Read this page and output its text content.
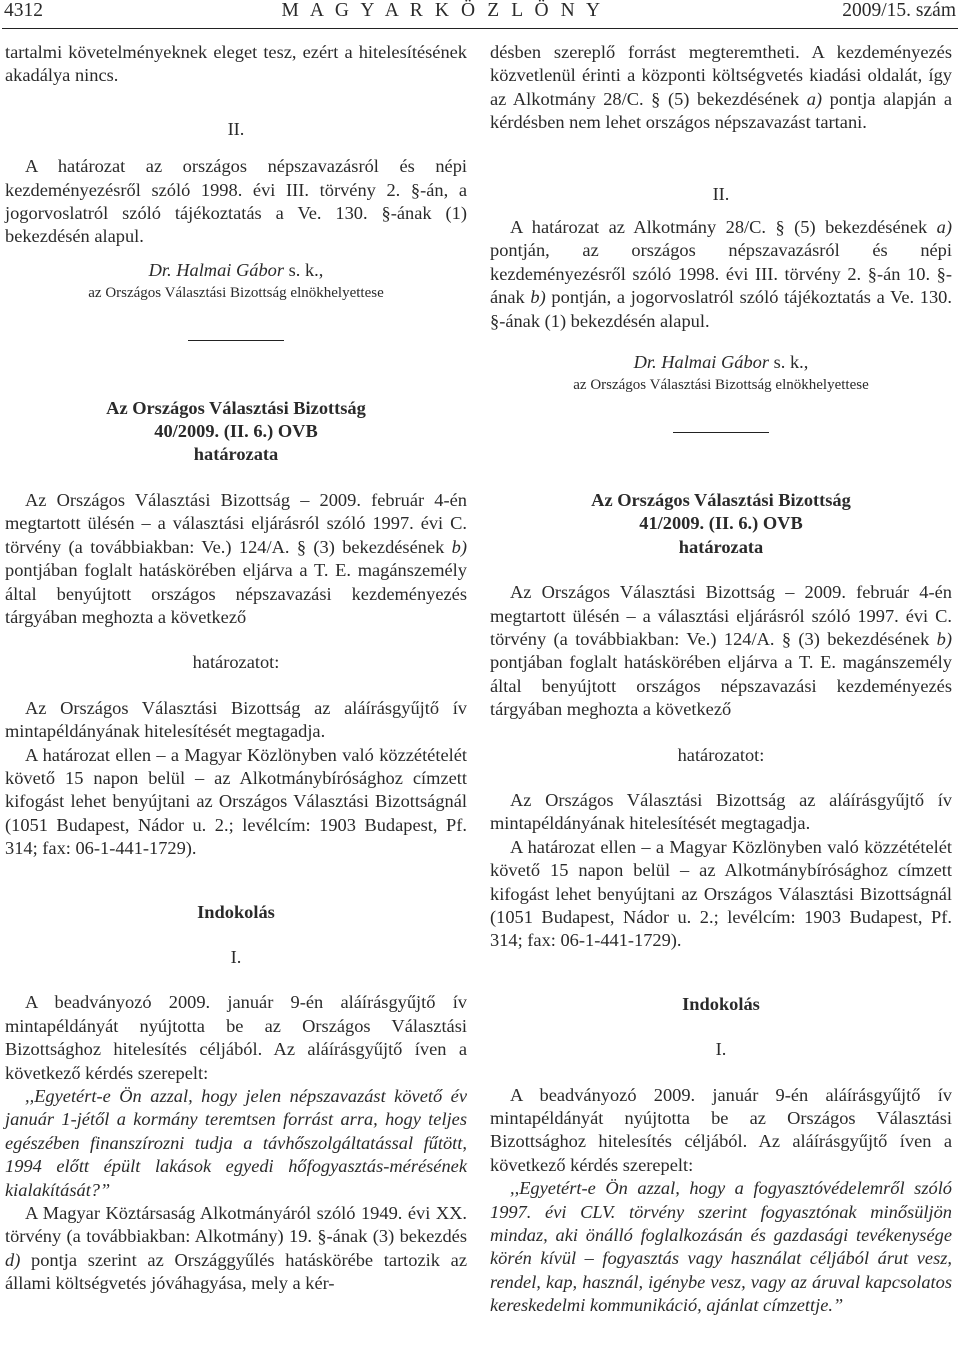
4312	M A G Y A R K Ö Z L Ö N Y	2009/15. szám

tartalmi követelményeknek eleget tesz, ezért a hitelesítésének akadálya nincs.

II.

A határozat az országos népszavazásról és népi kezdeményezésről szóló 1998. évi III. törvény 2. §-án, a jogorvoslatról szóló tájékoztatás a Ve. 130. §-ának (1) bekezdésén alapul.

Dr. Halmai Gábor s. k.,

az Országos Választási Bizottság elnökhelyettese

Az Országos Választási Bizottság

40/2009. (II. 6.) OVB

határozata

Az Országos Választási Bizottság – 2009. február 4-én megtartott ülésén – a választási eljárásról szóló 1997. évi C. törvény (a továbbiakban: Ve.) 124/A. § (3) bekezdésének b) pontjában foglalt hatáskörében eljárva a T. E. magánszemély által benyújtott országos népszavazási kezdeményezés tárgyában meghozta a következő

határozatot:

Az Országos Választási Bizottság az aláírásgyűjtő ív mintapéldányának hitelesítését megtagadja.

A határozat ellen – a Magyar Közlönyben való közzétételét követő 15 napon belül – az Alkotmánybírósághoz címzett kifogást lehet benyújtani az Országos Választási Bizottságnál (1051 Budapest, Nádor u. 2.; levélcím: 1903 Budapest, Pf. 314; fax: 06-1-441-1729).

Indokolás

I.

A beadványozó 2009. január 9-én aláírásgyűjtő ív mintapéldányát nyújtotta be az Országos Választási Bizottsághoz hitelesítés céljából. Az aláírásgyűjtő íven a következő kérdés szerepelt:

,,Egyetért-e Ön azzal, hogy jelen népszavazást követő év január 1-jétől a kormány teremtsen forrást arra, hogy teljes egészében finanszírozni tudja a távhőszolgáltatással fűtött, 1994 előtt épült lakások egyedi hőfogyasztás-mérésének kialakítását?”

A Magyar Köztársaság Alkotmányáról szóló 1949. évi XX. törvény (a továbbiakban: Alkotmány) 19. §-ának (3) bekezdés d) pontja szerint az Országgyűlés hatáskörébe tartozik az állami költségvetés jóváhagyása, mely a kér-

désben szereplő forrást megteremtheti. A kezdeményezés közvetlenül érinti a központi költségvetés kiadási oldalát, így az Alkotmány 28/C. § (5) bekezdésének a) pontja alapján a kérdésben nem lehet országos népszavazást tartani.

II.

A határozat az Alkotmány 28/C. § (5) bekezdésének a) pontján, az országos népszavazásról és népi kezdeményezésről szóló 1998. évi III. törvény 2. §-án 10. §-ának b) pontján, a jogorvoslatról szóló tájékoztatás a Ve. 130. §-ának (1) bekezdésén alapul.

Dr. Halmai Gábor s. k.,

az Országos Választási Bizottság elnökhelyettese

Az Országos Választási Bizottság

41/2009. (II. 6.) OVB

határozata

Az Országos Választási Bizottság – 2009. február 4-én megtartott ülésén – a választási eljárásról szóló 1997. évi C. törvény (a továbbiakban: Ve.) 124/A. § (3) bekezdésének b) pontjában foglalt hatáskörében eljárva a T. E. magánszemély által benyújtott országos népszavazási kezdeményezés tárgyában meghozta a következő

határozatot:

Az Országos Választási Bizottság az aláírásgyűjtő ív mintapéldányának hitelesítését megtagadja.

A határozat ellen – a Magyar Közlönyben való közzétételét követő 15 napon belül – az Alkotmánybírósághoz címzett kifogást lehet benyújtani az Országos Választási Bizottságnál (1051 Budapest, Nádor u. 2.; levélcím: 1903 Budapest, Pf. 314; fax: 06-1-441-1729).

Indokolás

I.

A beadványozó 2009. január 9-én aláírásgyűjtő ív mintapéldányát nyújtotta be az Országos Választási Bizottsághoz hitelesítés céljából. Az aláírásgyűjtő íven a következő kérdés szerepelt:

,,Egyetért-e Ön azzal, hogy a fogyasztóvédelemről szóló 1997. évi CLV. törvény szerint fogyasztónak minősüljön mindaz, aki önálló foglalkozásán és gazdasági tevékenysége körén kívül – fogyasztás vagy használat céljából árut vesz, rendel, kap, használ, igénybe vesz, vagy az áruval kapcsolatos kereskedelmi kommunikáció, ajánlat címzettje.”
